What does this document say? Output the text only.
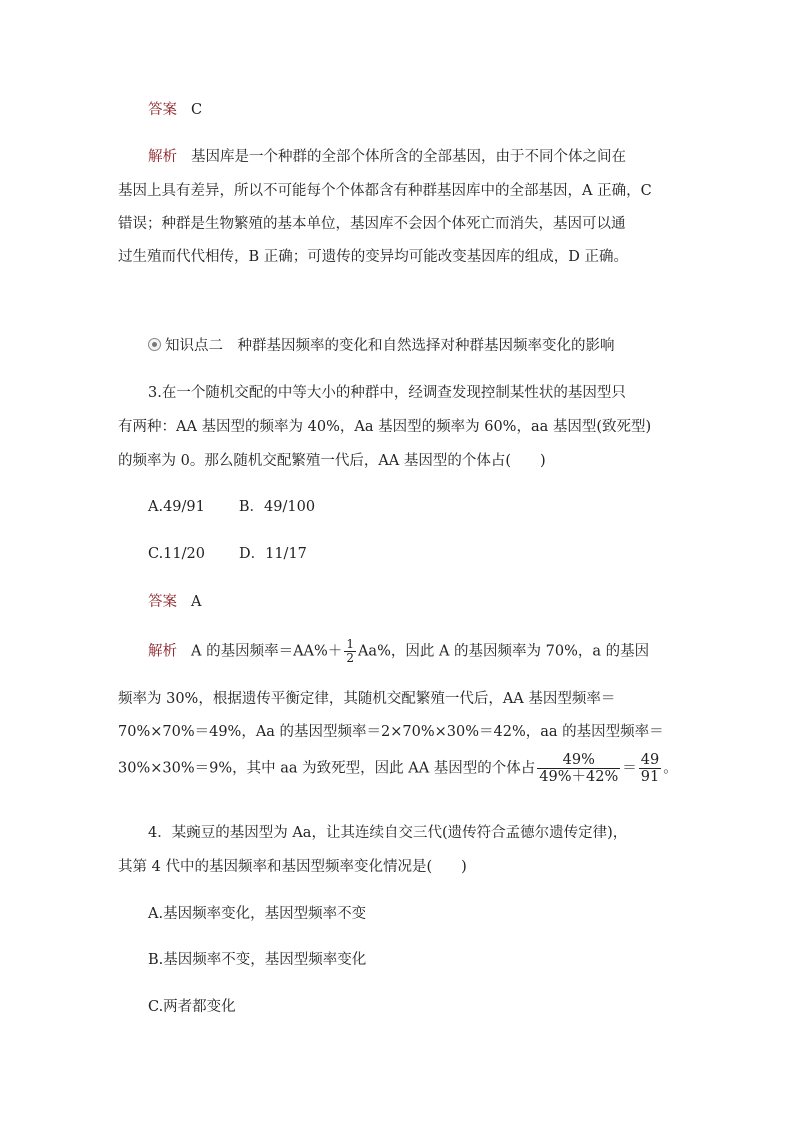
答案 C
解析 基因库是一个种群的全部个体所含的全部基因，由于不同个体之间在
基因上具有差异，所以不可能每个个体都含有种群基因库中的全部基因，A 正确，C
错误；种群是生物繁殖的基本单位，基因库不会因个体死亡而消失，基因可以通
过生殖而代代相传，B 正确；可遗传的变异均可能改变基因库的组成，D 正确。
知识点二　种群基因频率的变化和自然选择对种群基因频率变化的影响
3.在一个随机交配的中等大小的种群中，经调查发现控制某性状的基因型只
有两种：AA 基因型的频率为 40%，Aa 基因型的频率为 60%，aa 基因型(致死型)
的频率为 0。那么随机交配繁殖一代后，AA 基因型的个体占(　　)
A.49/91 B．49/100
C.11/20 D．11/17
答案 A
解析 A 的基因频率$=AA\%+ \frac{1}{2} Aa\%$，因此 A 的基因频率为 70%，a 的基因
频率为 30%，根据遗传平衡定律，其随机交配繁殖一代后，AA 基因型频率＝
70%×70%＝49%，Aa 的基因型频率＝2×70%×30%＝42%，aa 的基因型频率＝
30%×30%＝9%，其中 aa 为致死型，因此 AA 基因型的个体占 $\frac{49\%}{49\%+42\%} = \frac{49}{91}$ 。
4．某豌豆的基因型为 Aa，让其连续自交三代(遗传符合孟德尔遗传定律)，
其第 4 代中的基因频率和基因型频率变化情况是(　　)
A.基因频率变化，基因型频率不变
B.基因频率不变，基因型频率变化
C.两者都变化
